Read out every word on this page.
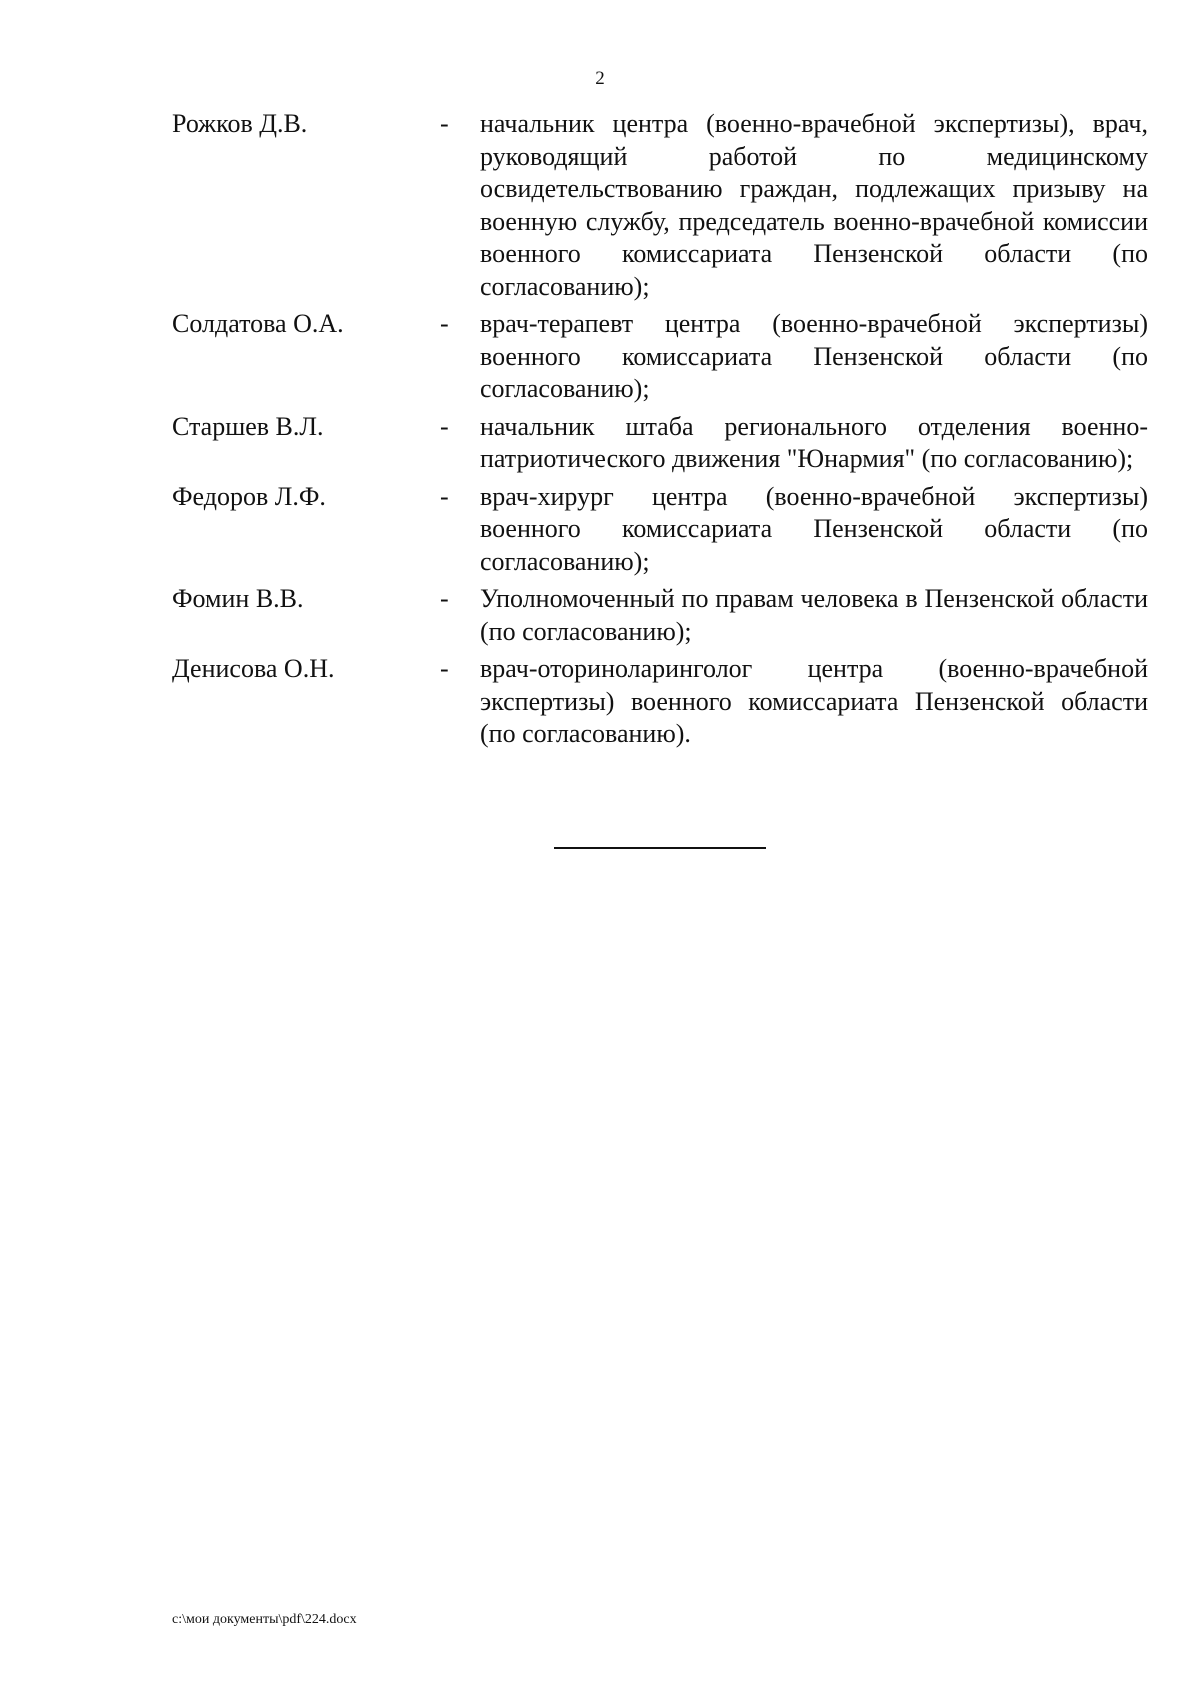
2
Рожков Д.В.	-	начальник центра (военно-врачебной экспертизы), врач, руководящий работой по медицинскому освидетельствованию граждан, подлежащих призыву на военную службу, председатель военно-врачебной комиссии военного комиссариата Пензенской области (по согласованию);
Солдатова О.А.	-	врач-терапевт центра (военно-врачебной экспертизы) военного комиссариата Пензенской области (по согласованию);
Старшев В.Л.	-	начальник штаба регионального отделения военно-патриотического движения "Юнармия" (по согласованию);
Федоров Л.Ф.	-	врач-хирург центра (военно-врачебной экспертизы) военного комиссариата Пензенской области (по согласованию);
Фомин В.В.	-	Уполномоченный по правам человека в Пензенской области (по согласованию);
Денисова О.Н.	-	врач-оториноларинголог центра (военно-врачебной экспертизы) военного комиссариата Пензенской области (по согласованию).
c:\мои документы\pdf\224.docx
